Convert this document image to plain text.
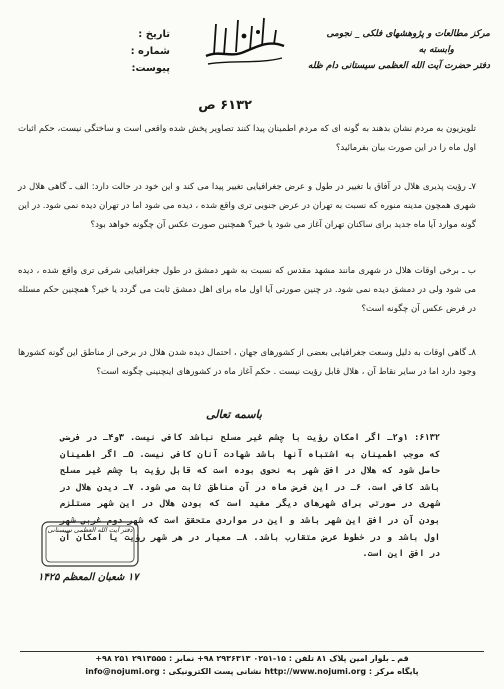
مرکز مطالعات و پژوهشهای فلکی _ نجومی
وابسته به
دفتر حضرت آیت الله العظمی سیستانی دام ظله
تاریخ :
شماره :
پیوست:
۶۱۳۲ ص

تلویزیون به مردم نشان بدهند به گونه ای که مردم اطمینان پیدا کنند تصاویر پخش شده واقعی است و ساختگی نیست، حکم اثبات اول ماه را در این صورت بیان بفرمائید؟

۷ـ رؤیت پذیری هلال در آفاق با تغییر در طول و عرض جغرافیایی تغییر پیدا می کند و این خود در حالت دارد: الف ـ گاهی هلال در شهری همچون مدینه منوره که نسبت به تهران در عرض جنوبی تری واقع شده ، دیده می شود اما در تهران دیده نمی شود. در این گونه موارد آیا ماه جدید برای ساکنان تهران آغاز می شود یا خیر؟ همچنین صورت عکس آن چگونه خواهد بود؟

ب ـ برخی اوقات هلال در شهری مانند مشهد مقدس که نسبت به شهر دمشق در طول جغرافیایی شرقی تری واقع شده ، دیده می شود ولی در دمشق دیده نمی شود. در چنین صورتی آیا اول ماه برای اهل دمشق ثابت می گردد یا خیر؟ همچنین حکم مسئله در فرض عکس آن چگونه است؟

۸ـ گاهی اوقات به دلیل وسعت جغرافیایی بعضی از کشورهای جهان ، احتمال دیده شدن هلال در برخی از مناطق این گونه کشورها وجود دارد اما در سایر نقاط آن ، هلال قابل رؤیت نیست . حکم آغاز ماه در کشورهای اینچنینی چگونه است؟

باسمه تعالی

۶۱۳۲: ۱و۲ـ اگر امکان رؤیت با چشم غیر مسلح نباشد کافی نیست. ۳و۴ـ در فرضی که موجب اطمینان به اشتباه آنها باشد شهادت آنان کافی نیست. ۵ـ اگر اطمینان حاصل شود که هلال در افق شهر به نحوی بوده است که قابل رؤیت با چشم غیر مسلح باشد کافی است. ۶ـ در این فرض ماه در آن مناطق ثابت می شود. ۷ـ دیدن هلال در شهری در صورتی برای شهرهای دیگر مفید است که بودن هلال در این شهر مستلزم بودن آن در افق این شهر باشد و این در مواردی متحقق است که شهر دوم غربی شهر اول باشد و در خطوط عرض متقارب باشد. ۸ـ معیار در هر شهر رؤیت یا امکان آن در افق این است.

دفتر آیت الله العظمی سیستانی
۱۷ شعبان المعظم ۱۴۲۵
قم ـ بلوار امین پلاک ۸۱ تلفن : ۱۵-۰۲۵۱ ۲۹۳۶۳۱۳ ۹۸+ نمابر : ۲۹۱۳۵۵۵ ۲۵۱ ۹۸+
پایگاه مرکز : http://www.nojumi.org نشانی پست الکترونیکی : info@nojumi.org
